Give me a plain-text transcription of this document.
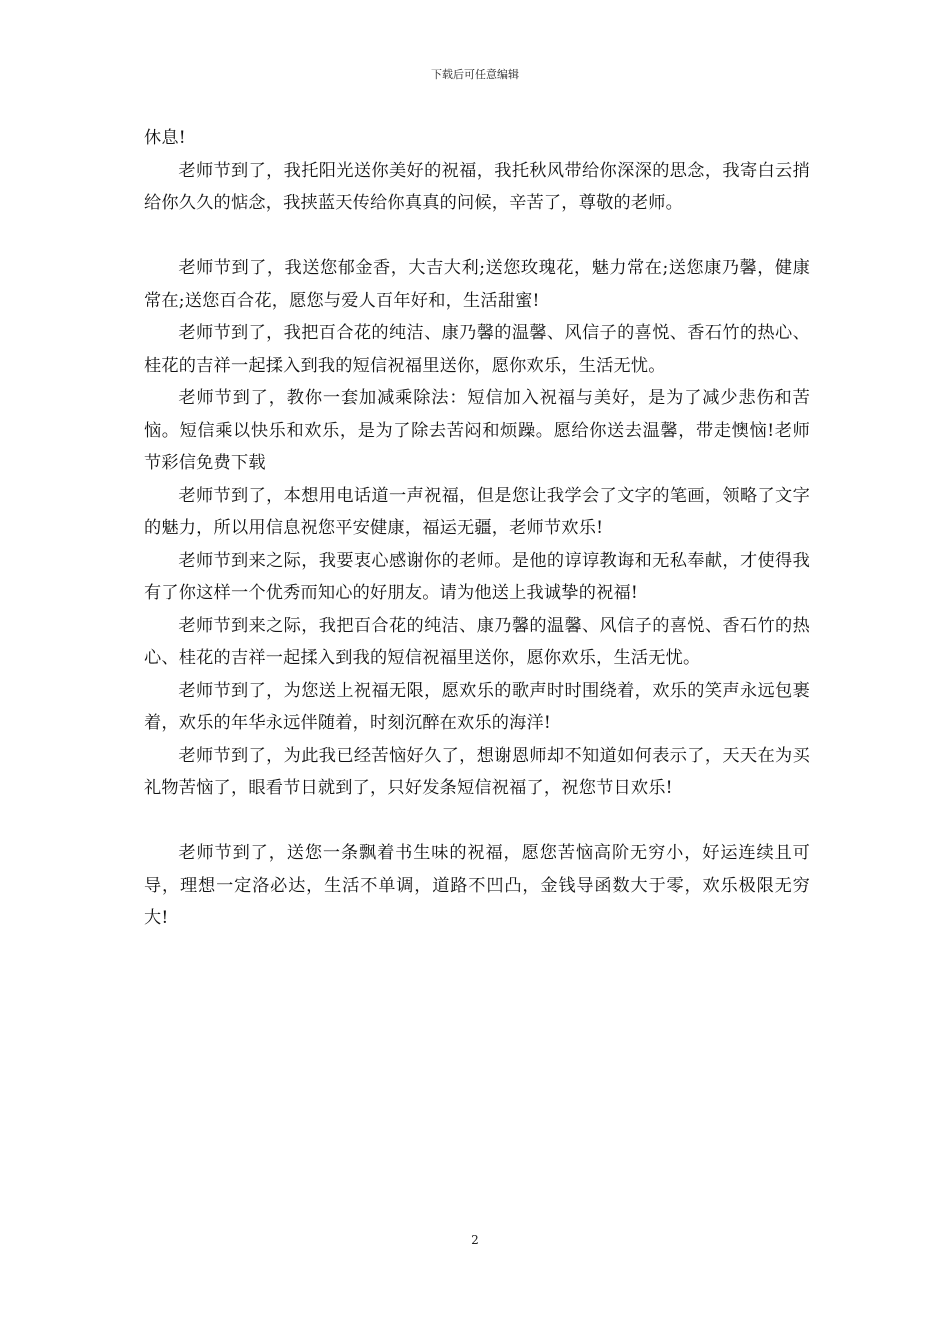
下载后可任意编辑

休息!

老师节到了，我托阳光送你美好的祝福，我托秋风带给你深深的思念，我寄白云捎给你久久的惦念，我挟蓝天传给你真真的问候，辛苦了，尊敬的老师。

老师节到了，我送您郁金香，大吉大利;送您玫瑰花，魅力常在;送您康乃馨，健康常在;送您百合花，愿您与爱人百年好和，生活甜蜜!

老师节到了，我把百合花的纯洁、康乃馨的温馨、风信子的喜悦、香石竹的热心、桂花的吉祥一起揉入到我的短信祝福里送你，愿你欢乐，生活无忧。

老师节到了，教你一套加减乘除法：短信加入祝福与美好，是为了减少悲伤和苦恼。短信乘以快乐和欢乐，是为了除去苦闷和烦躁。愿给你送去温馨，带走懊恼!老师节彩信免费下载

老师节到了，本想用电话道一声祝福，但是您让我学会了文字的笔画，领略了文字的魅力，所以用信息祝您平安健康，福运无疆，老师节欢乐!

老师节到来之际，我要衷心感谢你的老师。是他的谆谆教诲和无私奉献，才使得我有了你这样一个优秀而知心的好朋友。请为他送上我诚挚的祝福!

老师节到来之际，我把百合花的纯洁、康乃馨的温馨、风信子的喜悦、香石竹的热心、桂花的吉祥一起揉入到我的短信祝福里送你，愿你欢乐，生活无忧。

老师节到了，为您送上祝福无限，愿欢乐的歌声时时围绕着，欢乐的笑声永远包裹着，欢乐的年华永远伴随着，时刻沉醉在欢乐的海洋!

老师节到了，为此我已经苦恼好久了，想谢恩师却不知道如何表示了，天天在为买礼物苦恼了，眼看节日就到了，只好发条短信祝福了，祝您节日欢乐!

老师节到了，送您一条飘着书生味的祝福，愿您苦恼高阶无穷小，好运连续且可导，理想一定洛必达，生活不单调，道路不凹凸，金钱导函数大于零，欢乐极限无穷大!

2
